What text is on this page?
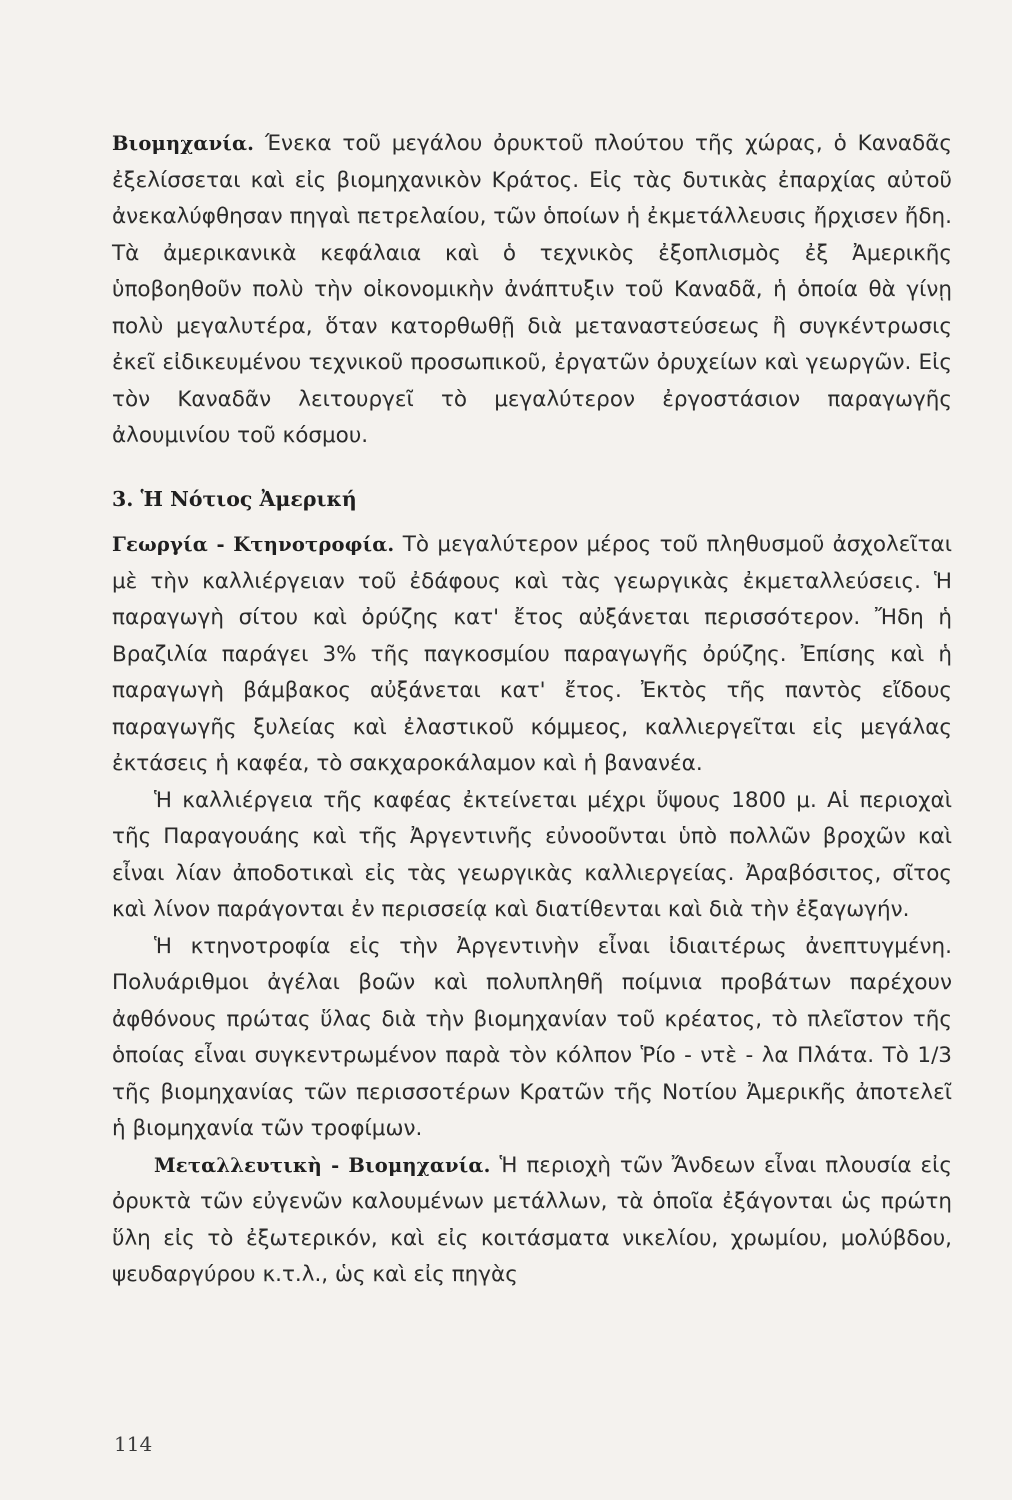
Βιομηχανία. Ένεκα τοῦ μεγάλου ὀρυκτοῦ πλούτου τῆς χώρας, ὁ Καναδᾶς ἐξελίσσεται καὶ εἰς βιομηχανικὸν Κράτος. Εἰς τὰς δυτικὰς ἐπαρχίας αὐτοῦ ἀνεκαλύφθησαν πηγαὶ πετρελαίου, τῶν ὁποίων ἡ ἐκμετάλλευσις ἤρχισεν ἤδη. Τὰ ἀμερικανικὰ κεφάλαια καὶ ὁ τεχνικὸς ἐξοπλισμὸς ἐξ Ἀμερικῆς ὑποβοηθοῦν πολὺ τὴν οἰκονομικὴν ἀνάπτυξιν τοῦ Καναδᾶ, ἡ ὁποία θὰ γίνῃ πολὺ μεγαλυτέρα, ὅταν κατορθωθῇ διὰ μεταναστεύσεως ἢ συγκέντρωσις ἐκεῖ εἰδικευμένου τεχνικοῦ προσωπικοῦ, ἐργατῶν ὀρυχείων καὶ γεωργῶν. Εἰς τὸν Καναδᾶν λειτουργεῖ τὸ μεγαλύτερον ἐργοστάσιον παραγωγῆς ἀλουμινίου τοῦ κόσμου.

3. Ἡ Νότιος Ἀμερική

Γεωργία - Κτηνοτροφία. Τὸ μεγαλύτερον μέρος τοῦ πληθυσμοῦ ἀσχολεῖται μὲ τὴν καλλιέργειαν τοῦ ἐδάφους καὶ τὰς γεωργικὰς ἐκμεταλλεύσεις. Ἡ παραγωγὴ σίτου καὶ ὀρύζης κατ' ἔτος αὐξάνεται περισσότερον. Ἤδη ἡ Βραζιλία παράγει 3% τῆς παγκοσμίου παραγωγῆς ὀρύζης. Ἐπίσης καὶ ἡ παραγωγὴ βάμβακος αὐξάνεται κατ' ἔτος. Ἐκτὸς τῆς παντὸς εἴδους παραγωγῆς ξυλείας καὶ ἐλαστικοῦ κόμμεος, καλλιεργεῖται εἰς μεγάλας ἐκτάσεις ἡ καφέα, τὸ σακχαροκάλαμον καὶ ἡ βανανέα.

Ἡ καλλιέργεια τῆς καφέας ἐκτείνεται μέχρι ὕψους 1800 μ. Αἱ περιοχαὶ τῆς Παραγουάης καὶ τῆς Ἀργεντινῆς εὐνοοῦνται ὑπὸ πολλῶν βροχῶν καὶ εἶναι λίαν ἀποδοτικαὶ εἰς τὰς γεωργικὰς καλλιεργείας. Ἀραβόσιτος, σῖτος καὶ λίνον παράγονται ἐν περισσείᾳ καὶ διατίθενται καὶ διὰ τὴν ἐξαγωγήν.

Ἡ κτηνοτροφία εἰς τὴν Ἀργεντινὴν εἶναι ἰδιαιτέρως ἀνεπτυγμένη. Πολυάριθμοι ἀγέλαι βοῶν καὶ πολυπληθῆ ποίμνια προβάτων παρέχουν ἀφθόνους πρώτας ὕλας διὰ τὴν βιομηχανίαν τοῦ κρέατος, τὸ πλεῖστον τῆς ὁποίας εἶναι συγκεντρωμένον παρὰ τὸν κόλπον Ῥίο - ντὲ - λα Πλάτα. Τὸ 1/3 τῆς βιομηχανίας τῶν περισσοτέρων Κρατῶν τῆς Νοτίου Ἀμερικῆς ἀποτελεῖ ἡ βιομηχανία τῶν τροφίμων.

Μεταλλευτικὴ - Βιομηχανία. Ἡ περιοχὴ τῶν Ἄνδεων εἶναι πλουσία εἰς ὀρυκτὰ τῶν εὐγενῶν καλουμένων μετάλλων, τὰ ὁποῖα ἐξάγονται ὡς πρώτη ὕλη εἰς τὸ ἐξωτερικόν, καὶ εἰς κοιτάσματα νικελίου, χρωμίου, μολύβδου, ψευδαργύρου κ.τ.λ., ὡς καὶ εἰς πηγὰς

114
